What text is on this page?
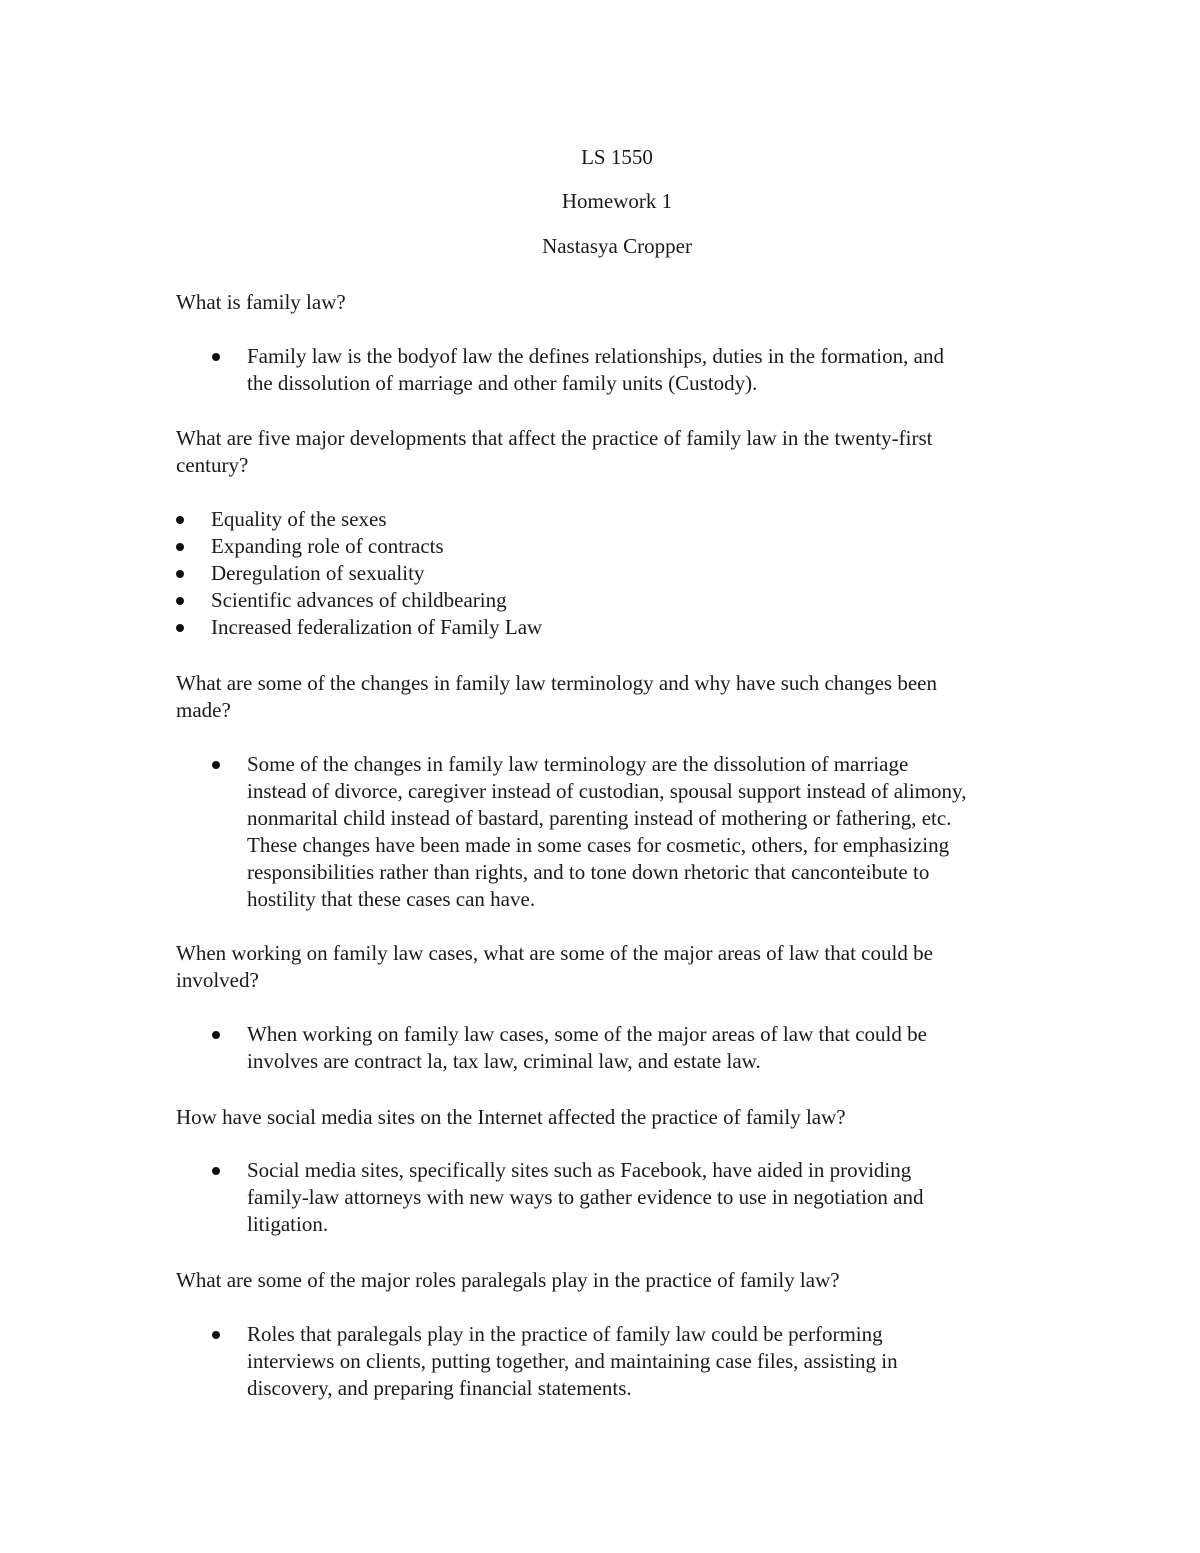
LS 1550
Homework 1
Nastasya Cropper
What is family law?
Family law is the bodyof law the defines relationships, duties in the formation, and
the dissolution of marriage and other family units (Custody).
What are five major developments that affect the practice of family law in the twenty-first
century?
Equality of the sexes
Expanding role of contracts
Deregulation of sexuality
Scientific advances of childbearing
Increased federalization of Family Law
What are some of the changes in family law terminology and why have such changes been
made?
Some of the changes in family law terminology are the dissolution of marriage
instead of divorce, caregiver instead of custodian, spousal support instead of alimony,
nonmarital child instead of bastard, parenting instead of mothering or fathering, etc.
These changes have been made in some cases for cosmetic, others, for emphasizing
responsibilities rather than rights, and to tone down rhetoric that canconteibute to
hostility that these cases can have.
When working on family law cases, what are some of the major areas of law that could be
involved?
When working on family law cases, some of the major areas of law that could be
involves are contract la, tax law, criminal law, and estate law.
How have social media sites on the Internet affected the practice of family law?
Social media sites, specifically sites such as Facebook, have aided in providing
family-law attorneys with new ways to gather evidence to use in negotiation and
litigation.
What are some of the major roles paralegals play in the practice of family law?
Roles that paralegals play in the practice of family law could be performing
interviews on clients, putting together, and maintaining case files, assisting in
discovery, and preparing financial statements.
